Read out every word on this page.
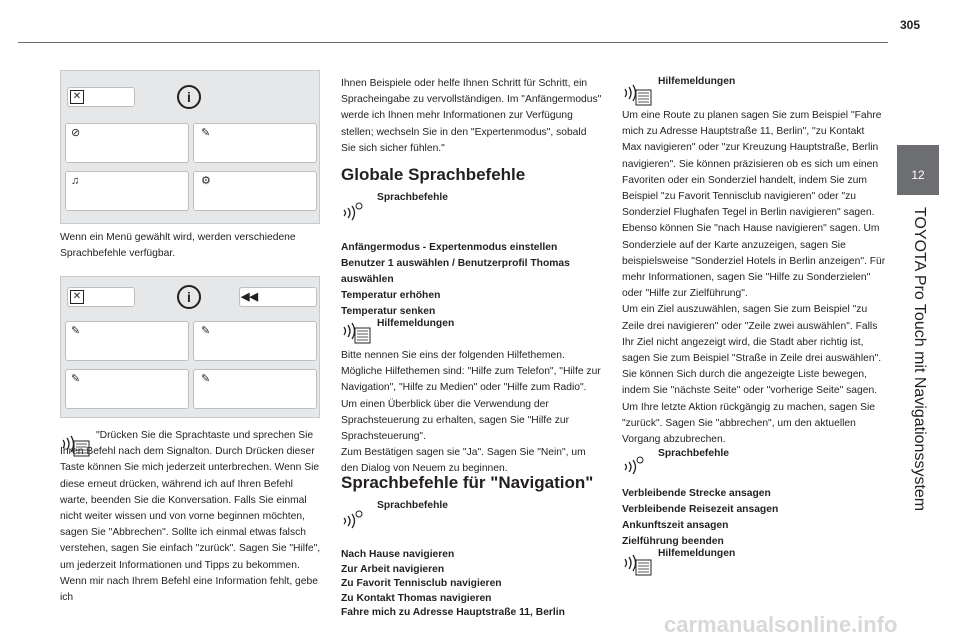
305
12
TOYOTA Pro Touch mit Navigationssystem
✕	i
⊘	✎
♫	⚙
Wenn ein Menü gewählt wird, werden verschiedene Sprachbefehle verfügbar.
✕	i	◀◀
✎	✎
✎	✎
"Drücken Sie die Sprachtaste und sprechen Sie Ihren Befehl nach dem Signalton. Durch Drücken dieser Taste können Sie mich jederzeit unterbrechen. Wenn Sie diese erneut drücken, während ich auf Ihren Befehl warte, beenden Sie die Konversation. Falls Sie einmal nicht weiter wissen und von vorne beginnen möchten, sagen Sie "Abbrechen". Sollte ich einmal etwas falsch verstehen, sagen Sie einfach "zurück". Sagen Sie "Hilfe", um jederzeit Informationen und Tipps zu bekommen. Wenn mir nach Ihrem Befehl eine Information fehlt, gebe ich

Ihnen Beispiele oder helfe Ihnen Schritt für Schritt, ein Spracheingabe zu vervollständigen. Im "Anfängermodus" werde ich Ihnen mehr Informationen zur Verfügung stellen; wechseln Sie in den "Expertenmodus", sobald Sie sich sicher fühlen."

Globale Sprachbefehle
Sprachbefehle

Anfängermodus - Expertenmodus einstellen

Benutzer 1 auswählen / Benutzerprofil Thomas auswählen

Temperatur erhöhen

Temperatur senken

Hilfemeldungen
Bitte nennen Sie eins der folgenden Hilfethemen. Mögliche Hilfethemen sind: "Hilfe zum Telefon", "Hilfe zur Navigation", "Hilfe zu Medien" oder "Hilfe zum Radio". Um einen Überblick über die Verwendung der Sprachsteuerung zu erhalten, sagen Sie "Hilfe zur Sprachsteuerung".
Zum Bestätigen sagen sie "Ja". Sagen Sie "Nein", um den Dialog von Neuem zu beginnen.
Sprachbefehle für "Navigation"
Sprachbefehle

Nach Hause navigieren

Zur Arbeit navigieren

Zu Favorit Tennisclub navigieren

Zu Kontakt Thomas navigieren

Fahre mich zu Adresse Hauptstraße 11, Berlin

Hilfemeldungen
Um eine Route zu planen sagen Sie zum Beispiel "Fahre mich zu Adresse Hauptstraße 11, Berlin", "zu Kontakt Max navigieren" oder "zur Kreuzung Hauptstraße, Berlin navigieren". Sie können präzisieren ob es sich um einen Favoriten oder ein Sonderziel handelt, indem Sie zum Beispiel "zu Favorit Tennisclub navigieren" oder "zu Sonderziel Flughafen Tegel in Berlin navigieren" sagen. Ebenso können Sie "nach Hause navigieren" sagen. Um Sonderziele auf der Karte anzuzeigen, sagen Sie beispielsweise "Sonderziel Hotels in Berlin anzeigen". Für mehr Informationen, sagen Sie "Hilfe zu Sonderzielen" oder "Hilfe zur Zielführung".
Um ein Ziel auszuwählen, sagen Sie zum Beispiel "zu Zeile drei navigieren" oder "Zeile zwei auswählen". Falls Ihr Ziel nicht angezeigt wird, die Stadt aber richtig ist, sagen Sie zum Beispiel "Straße in Zeile drei auswählen". Sie können Sich durch die angezeigte Liste bewegen, indem Sie "nächste Seite" oder "vorherige Seite" sagen. Um Ihre letzte Aktion rückgängig zu machen, sagen Sie "zurück". Sagen Sie "abbrechen", um den aktuellen Vorgang abzubrechen.
Sprachbefehle

Verbleibende Strecke ansagen

Verbleibende Reisezeit ansagen

Ankunftszeit ansagen

Zielführung beenden

Hilfemeldungen
carmanualsonline.info
